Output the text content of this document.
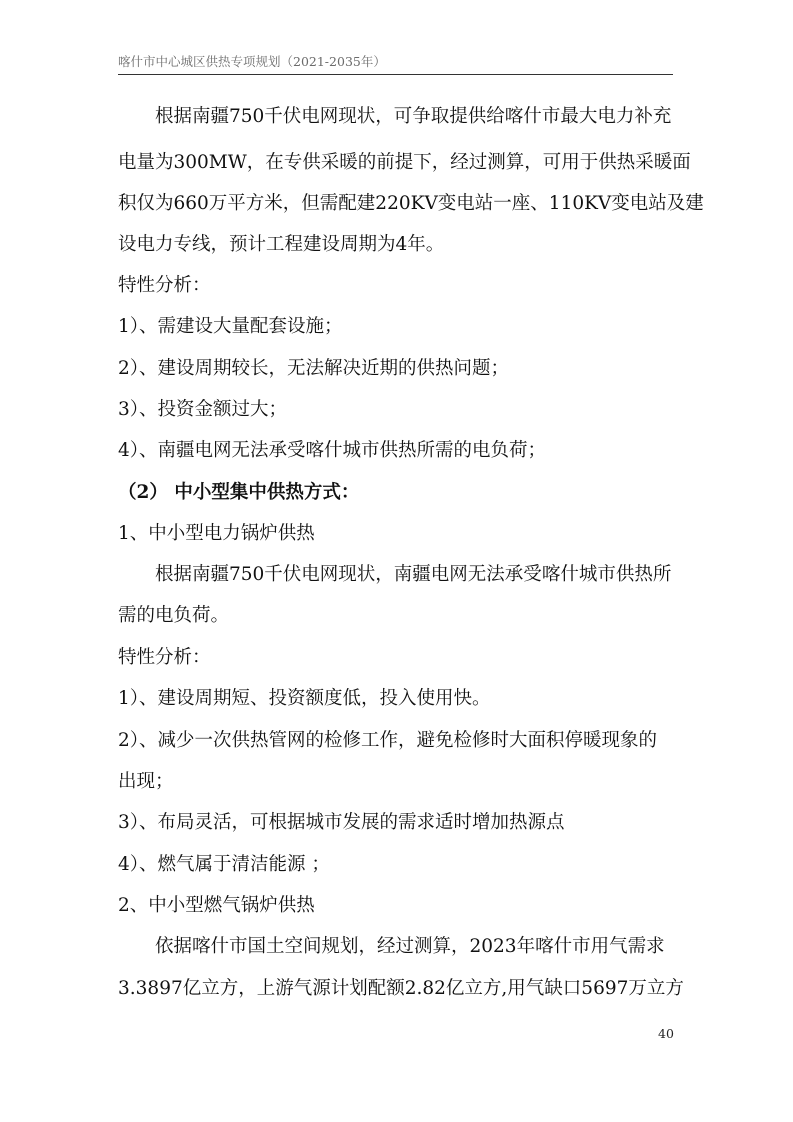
喀什市中心城区供热专项规划（2021-2035年）
根据南疆750千伏电网现状，可争取提供给喀什市最大电力补充
电量为300MW，在专供采暖的前提下，经过测算，可用于供热采暖面
积仅为660万平方米，但需配建220KV变电站一座、110KV变电站及建
设电力专线，预计工程建设周期为4年。
特性分析：
1）、需建设大量配套设施；
2）、建设周期较长，无法解决近期的供热问题；
3）、投资金额过大；
4）、南疆电网无法承受喀什城市供热所需的电负荷；
（2） 中小型集中供热方式：
1、中小型电力锅炉供热
根据南疆750千伏电网现状，南疆电网无法承受喀什城市供热所
需的电负荷。
特性分析：
1）、建设周期短、投资额度低，投入使用快。
2）、减少一次供热管网的检修工作，避免检修时大面积停暖现象的
出现；
3）、布局灵活，可根据城市发展的需求适时增加热源点
4）、燃气属于清洁能源 ；
2、中小型燃气锅炉供热
依据喀什市国土空间规划，经过测算，2023年喀什市用气需求
3.3897亿立方，上游气源计划配额2.82亿立方,用气缺口5697万立方
40
